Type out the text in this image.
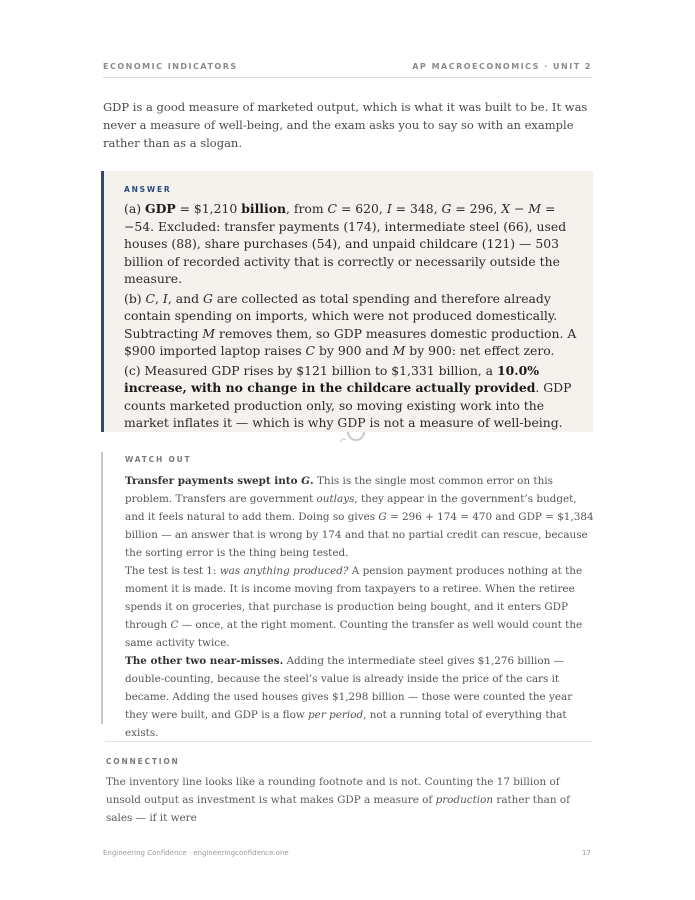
ECONOMIC INDICATORS	AP MACROECONOMICS · UNIT 2

GDP is a good measure of marketed output, which is what it was built to be. It was never a measure of well-being, and the exam asks you to say so with an example rather than as a slogan.

ANSWER

(a) GDP = $1,210 billion, from C = 620, I = 348, G = 296, X − M = −54. Excluded: transfer payments (174), intermediate steel (66), used houses (88), share purchases (54), and unpaid childcare (121) — 503 billion of recorded activity that is correctly or necessarily outside the measure.

(b) C, I, and G are collected as total spending and therefore already contain spending on imports, which were not produced domestically. Subtracting M removes them, so GDP measures domestic production. A $900 imported laptop raises C by 900 and M by 900: net effect zero.

(c) Measured GDP rises by $121 billion to $1,331 billion, a 10.0% increase, with no change in the childcare actually provided. GDP counts marketed production only, so moving existing work into the market inflates it — which is why GDP is not a measure of well-being.

WATCH OUT

Transfer payments swept into G. This is the single most common error on this problem. Transfers are government outlays, they appear in the government’s budget, and it feels natural to add them. Doing so gives G = 296 + 174 = 470 and GDP = $1,384 billion — an answer that is wrong by 174 and that no partial credit can rescue, because the sorting error is the thing being tested.

The test is test 1: was anything produced? A pension payment produces nothing at the moment it is made. It is income moving from taxpayers to a retiree. When the retiree spends it on groceries, that purchase is production being bought, and it enters GDP through C — once, at the right moment. Counting the transfer as well would count the same activity twice.

The other two near-misses. Adding the intermediate steel gives $1,276 billion — double-counting, because the steel’s value is already inside the price of the cars it became. Adding the used houses gives $1,298 billion — those were counted the year they were built, and GDP is a flow per period, not a running total of everything that exists.

CONNECTION

The inventory line looks like a rounding footnote and is not. Counting the 17 billion of unsold output as investment is what makes GDP a measure of production rather than of sales — if it were

Engineering Confidence · engineeringconfidence.one	17
